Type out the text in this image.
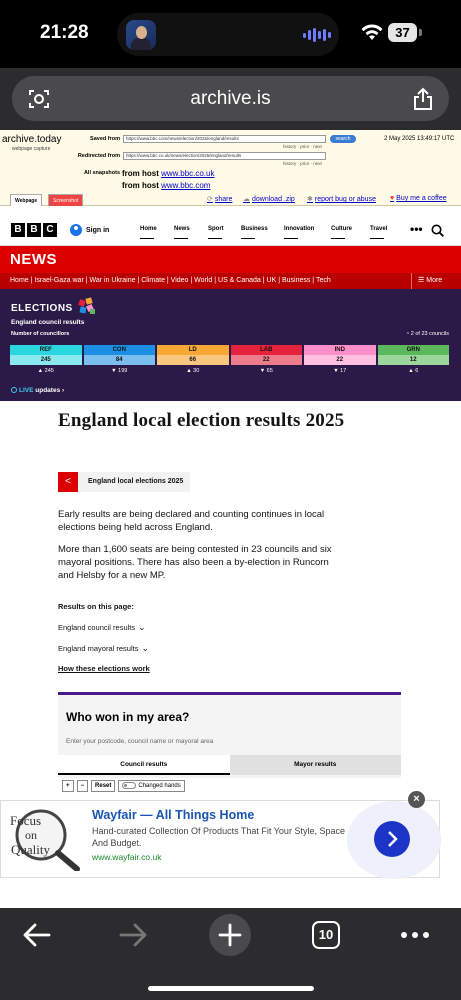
21:28	37
archive.is
archive.today
webpage capture
Saved from	https://www.bbc.com/news/election/2025/england/results	search	2 May 2025 13:49:17 UTC
history · prior · next
Redirected from	https://www.bbc.co.uk/news/election/2025/england/results
history · prior · next
All snapshots from host www.bbc.co.uk
from host www.bbc.com
Webpage	Screenshot	⟳ share ☁ download .zip ✱ report bug or abuse ♥ Buy me a coffee
B B C	Sign in	Home	News	Sport	Business	Innovation	Culture	Travel	•••
NEWS
Home | Israel-Gaza war | War in Ukraine | Climate | Video | World | US & Canada | UK | Business | Tech	☰ More
ELECTIONS
England council results
Number of councillors	◔ 2 of 23 councils
REF
245
▲ 245
CON
84
▼ 199
LD
66
▲ 30
LAB
22
▼ 65
IND
22
▼ 17
GRN
12
▲ 6
LIVE updates ›
England local election results 2025
<	England local elections 2025
Early results are being declared and counting continues in local elections being held across England.
More than 1,600 seats are being contested in 23 councils and six mayoral positions. There has also been a by-election in Runcorn and Helsby for a new MP.
Results on this page:
England council results ⌄
England mayoral results ⌄
How these elections work
Who won in my area?
Enter your postcode, council name or mayoral area
Council results	Mayor results
+	−	Reset	Changed hands
Focus
on
Quality
Wayfair — All Things Home
Hand-curated Collection Of Products That Fit Your Style, Space And Budget.
www.wayfair.co.uk
×
10
